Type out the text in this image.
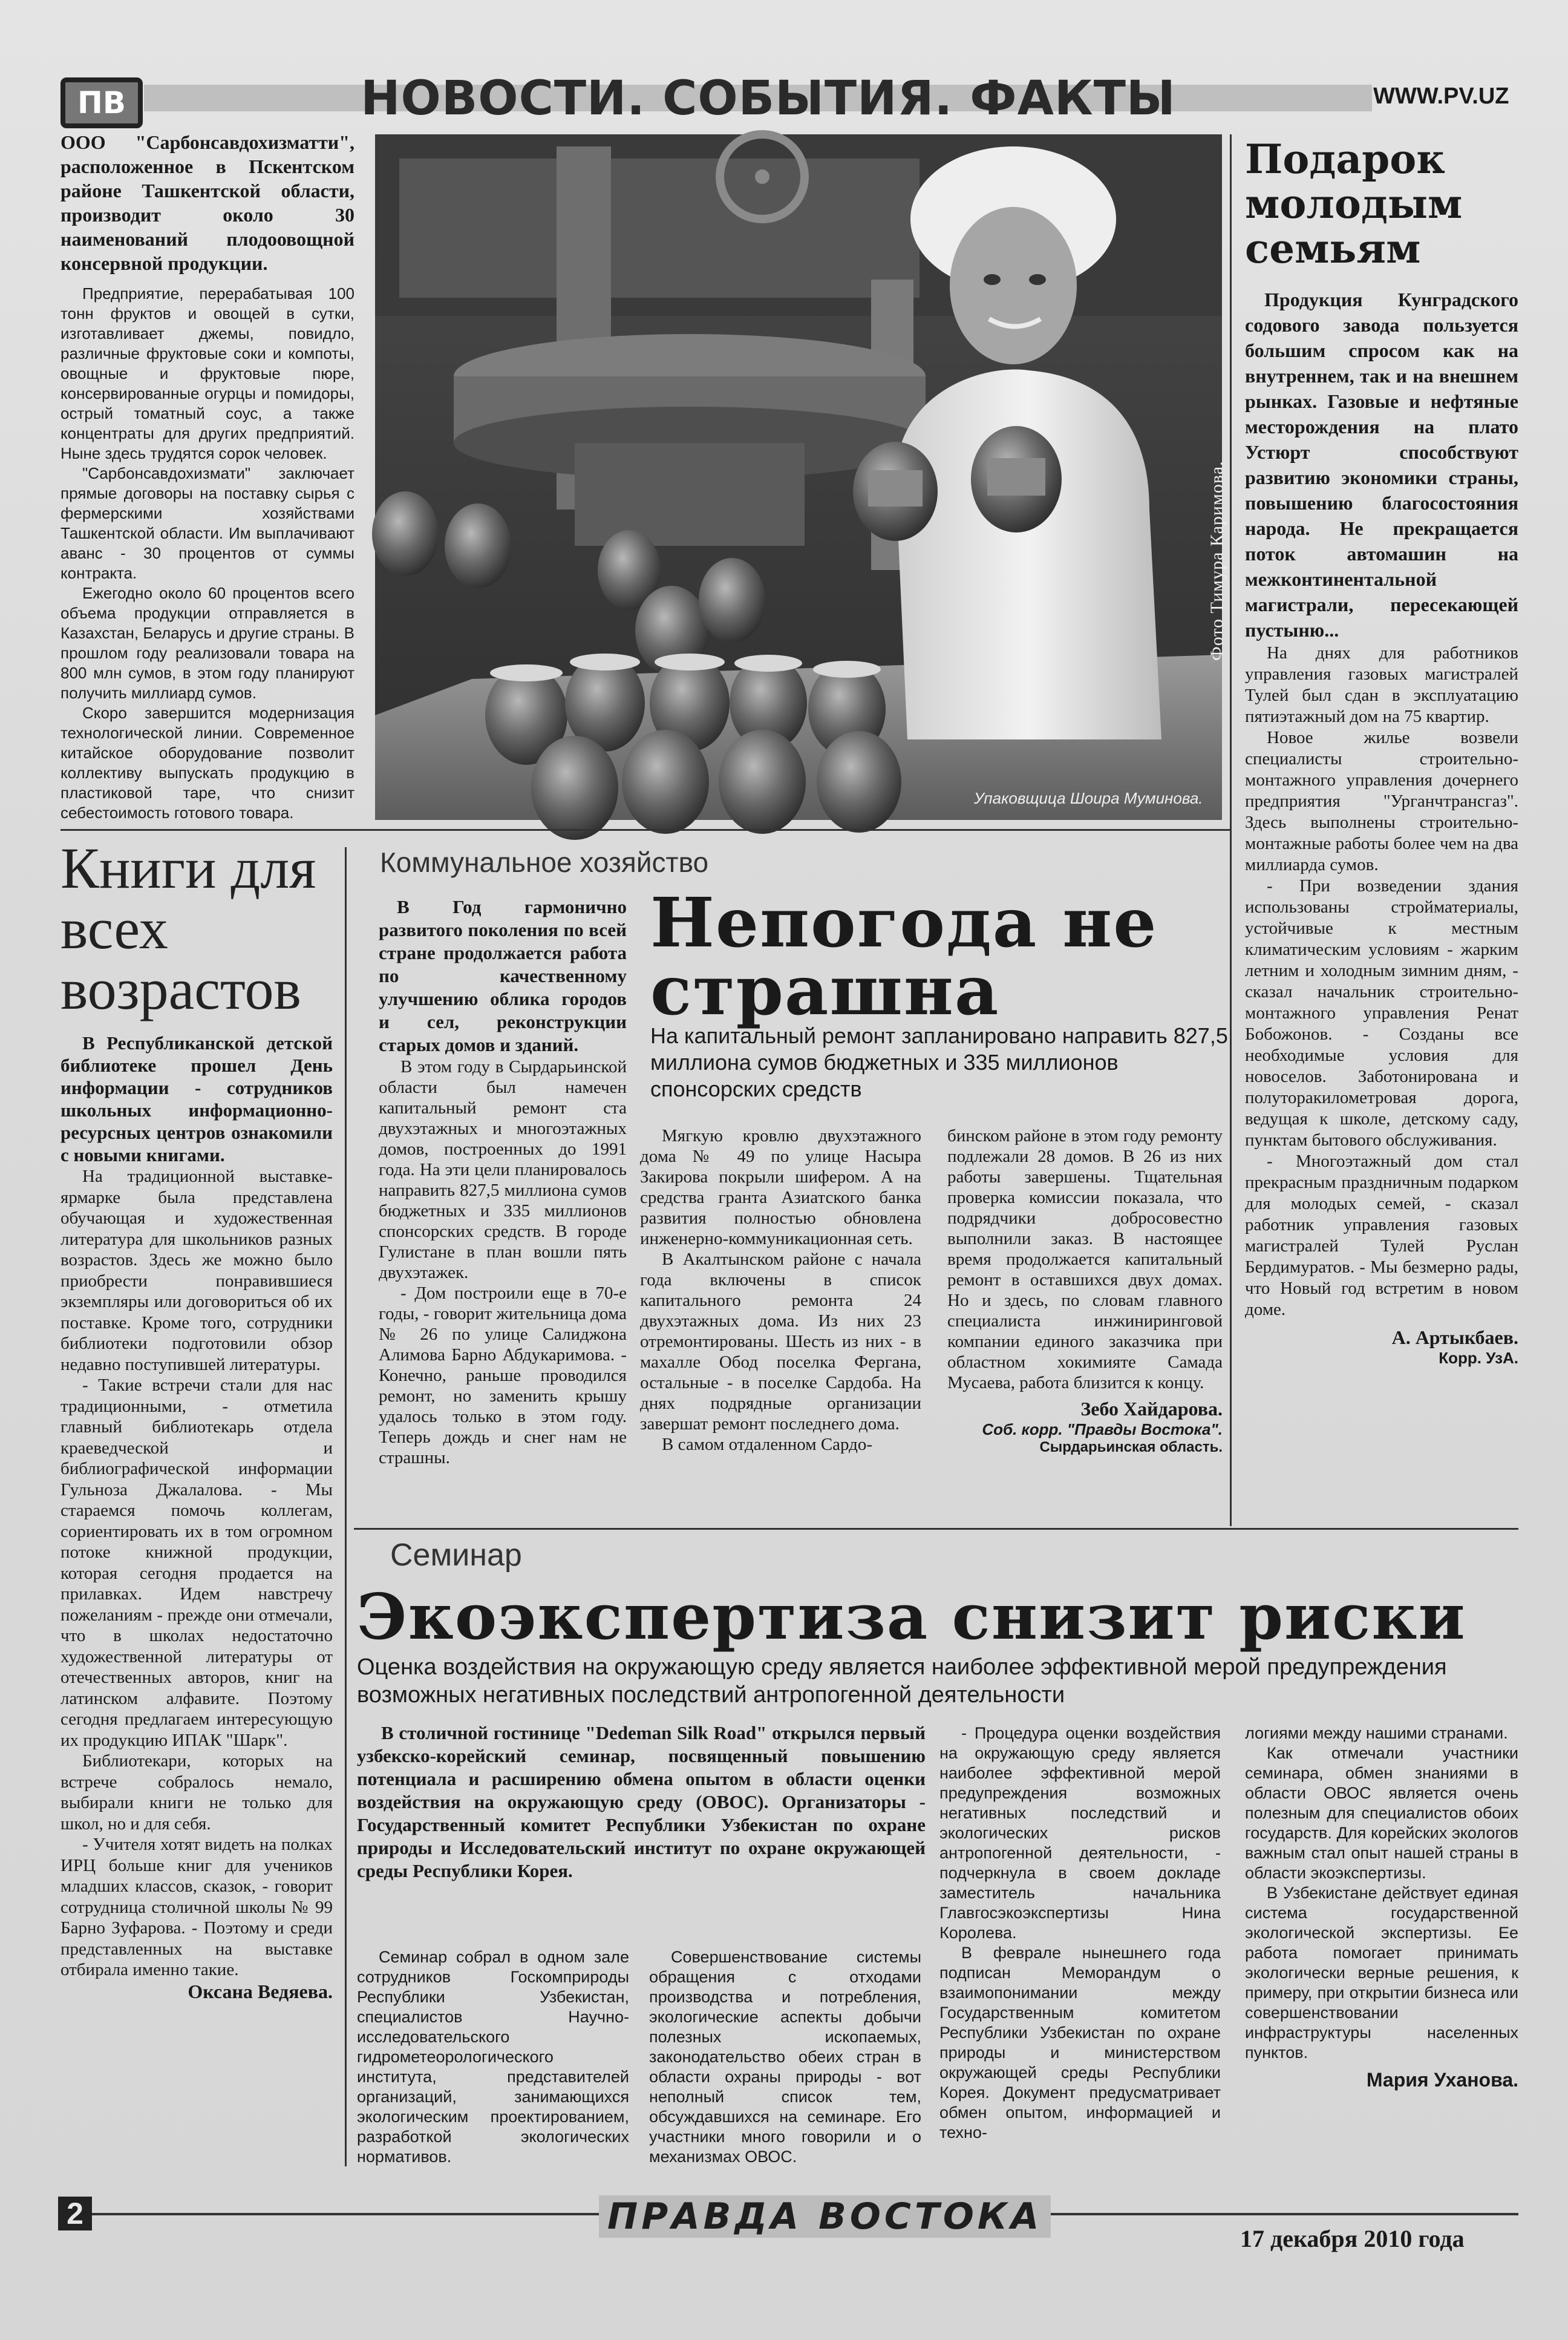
ПВ	НОВОСТИ. СОБЫТИЯ. ФАКТЫ	WWW.PV.UZ

ООО "Сарбонсавдохизматти", расположенное в Пскентском районе Ташкентской области, производит около 30 наименований плодоовощной консервной продукции.

Предприятие, перерабатывая 100 тонн фруктов и овощей в сутки, изготавливает джемы, повидло, различные фруктовые соки и компоты, овощные и фруктовые пюре, консервированные огурцы и помидоры, острый томатный соус, а также концентраты для других предприятий. Ныне здесь трудятся сорок человек.

"Сарбонсавдохизмати" заключает прямые договоры на поставку сырья с фермерскими хозяйствами Ташкентской области. Им выплачивают аванс - 30 процентов от суммы контракта.

Ежегодно около 60 процентов всего объема продукции отправляется в Казахстан, Беларусь и другие страны. В прошлом году реализовали товара на 800 млн сумов, в этом году планируют получить миллиард сумов.

Скоро завершится модернизация технологической линии. Современное китайское оборудование позволит коллективу выпускать продукцию в пластиковой таре, что снизит себестоимость готового товара.

Фото Тимура Каримова.
Упаковщица Шоира Муминова.
Подарок молодым семьям

Продукция Кунградского содового завода пользуется большим спросом как на внутреннем, так и на внешнем рынках. Газовые и нефтяные месторождения на плато Устюрт способствуют развитию экономики страны, повышению благосостояния народа. Не прекращается поток автомашин на межконтинентальной магистрали, пересекающей пустыню...

На днях для работников управления газовых магистралей Тулей был сдан в эксплуатацию пятиэтажный дом на 75 квартир.

Новое жилье возвели специалисты строительно-монтажного управления дочернего предприятия "Урганчтрансгаз". Здесь выполнены строительно-монтажные работы более чем на два миллиарда сумов.

- При возведении здания использованы стройматериалы, устойчивые к местным климатическим условиям - жарким летним и холодным зимним дням, - сказал начальник строительно-монтажного управления Ренат Бобожонов. - Созданы все необходимые условия для новоселов. Заботонирована и полуторакилометровая дорога, ведущая к школе, детскому саду, пунктам бытового обслуживания.

- Многоэтажный дом стал прекрасным праздничным подарком для молодых семей, - сказал работник управления газовых магистралей Тулей Руслан Бердимуратов. - Мы безмерно рады, что Новый год встретим в новом доме.

А. Артыкбаев.
Корр. УзА.
Книги для всех возрастов

В Республиканской детской библиотеке прошел День информации - сотрудников школьных информационно-ресурсных центров ознакомили с новыми книгами.

На традиционной выставке-ярмарке была представлена обучающая и художественная литература для школьников разных возрастов. Здесь же можно было приобрести понравившиеся экземпляры или договориться об их поставке. Кроме того, сотрудники библиотеки подготовили обзор недавно поступившей литературы.

- Такие встречи стали для нас традиционными, - отметила главный библиотекарь отдела краеведческой и библиографической информации Гульноза Джалалова. - Мы стараемся помочь коллегам, сориентировать их в том огромном потоке книжной продукции, которая сегодня продается на прилавках. Идем навстречу пожеланиям - прежде они отмечали, что в школах недостаточно художественной литературы от отечественных авторов, книг на латинском алфавите. Поэтому сегодня предлагаем интересующую их продукцию ИПАК "Шарк".

Библиотекари, которых на встрече собралось немало, выбирали книги не только для школ, но и для себя.

- Учителя хотят видеть на полках ИРЦ больше книг для учеников младших классов, сказок, - говорит сотрудница столичной школы № 99 Барно Зуфарова. - Поэтому и среди представленных на выставке отбирала именно такие.

Оксана Ведяева.
Коммунальное хозяйство
Непогода не страшна
На капитальный ремонт запланировано направить 827,5 миллиона сумов бюджетных и 335 миллионов спонсорских средств

В Год гармонично развитого поколения по всей стране продолжается работа по качественному улучшению облика городов и сел, реконструкции старых домов и зданий.

В этом году в Сырдарьинской области был намечен капитальный ремонт ста двухэтажных и многоэтажных домов, построенных до 1991 года. На эти цели планировалось направить 827,5 миллиона сумов бюджетных и 335 миллионов спонсорских средств. В городе Гулистане в план вошли пять двухэтажек.

- Дом построили еще в 70-е годы, - говорит жительница дома № 26 по улице Салиджона Алимова Барно Абдукаримова. - Конечно, раньше проводился ремонт, но заменить крышу удалось только в этом году. Теперь дождь и снег нам не страшны.

Мягкую кровлю двухэтажного дома № 49 по улице Насыра Закирова покрыли шифером. А на средства гранта Азиатского банка развития полностью обновлена инженерно-коммуникационная сеть.

В Акалтынском районе с начала года включены в список капитального ремонта 24 двухэтажных дома. Из них 23 отремонтированы. Шесть из них - в махалле Обод поселка Фергана, остальные - в поселке Сардоба. На днях подрядные организации завершат ремонт последнего дома.

В самом отдаленном Сардо-

бинском районе в этом году ремонту подлежали 28 домов. В 26 из них работы завершены. Тщательная проверка комиссии показала, что подрядчики добросовестно выполнили заказ. В настоящее время продолжается капитальный ремонт в оставшихся двух домах. Но и здесь, по словам главного специалиста инжиниринговой компании единого заказчика при областном хокимияте Самада Мусаева, работа близится к концу.

Зебо Хайдарова.
Соб. корр. "Правды Востока".
Сырдарьинская область.
Семинар
Экоэкспертиза снизит риски
Оценка воздействия на окружающую среду является наиболее эффективной мерой предупреждения возможных негативных последствий антропогенной деятельности

В столичной гостинице "Dedeman Silk Road" открылся первый узбекско-корейский семинар, посвященный повышению потенциала и расширению обмена опытом в области оценки воздействия на окружающую среду (ОВОС). Организаторы - Государственный комитет Республики Узбекистан по охране природы и Исследовательский институт по охране окружающей среды Республики Корея.

Семинар собрал в одном зале сотрудников Госкомприроды Республики Узбекистан, специалистов Научно-исследовательского гидрометеорологического института, представителей организаций, занимающихся экологическим проектированием, разработкой экологических нормативов.

Совершенствование системы обращения с отходами производства и потребления, экологические аспекты добычи полезных ископаемых, законодательство обеих стран в области охраны природы - вот неполный список тем, обсуждавшихся на семинаре. Его участники много говорили и о механизмах ОВОС.

- Процедура оценки воздействия на окружающую среду является наиболее эффективной мерой предупреждения возможных негативных последствий и экологических рисков антропогенной деятельности, - подчеркнула в своем докладе заместитель начальника Главгосэкоэкспертизы Нина Королева.

В феврале нынешнего года подписан Меморандум о взаимопонимании между Государственным комитетом Республики Узбекистан по охране природы и министерством окружающей среды Республики Корея. Документ предусматривает обмен опытом, информацией и техно-

логиями между нашими странами.

Как отмечали участники семинара, обмен знаниями в области ОВОС является очень полезным для специалистов обоих государств. Для корейских экологов важным стал опыт нашей страны в области экоэкспертизы.

В Узбекистане действует единая система государственной экологической экспертизы. Ее работа помогает принимать экологически верные решения, к примеру, при открытии бизнеса или совершенствовании инфраструктуры населенных пунктов.

Мария Уханова.
2	ПРАВДА ВОСТОКА
17 декабря 2010 года
